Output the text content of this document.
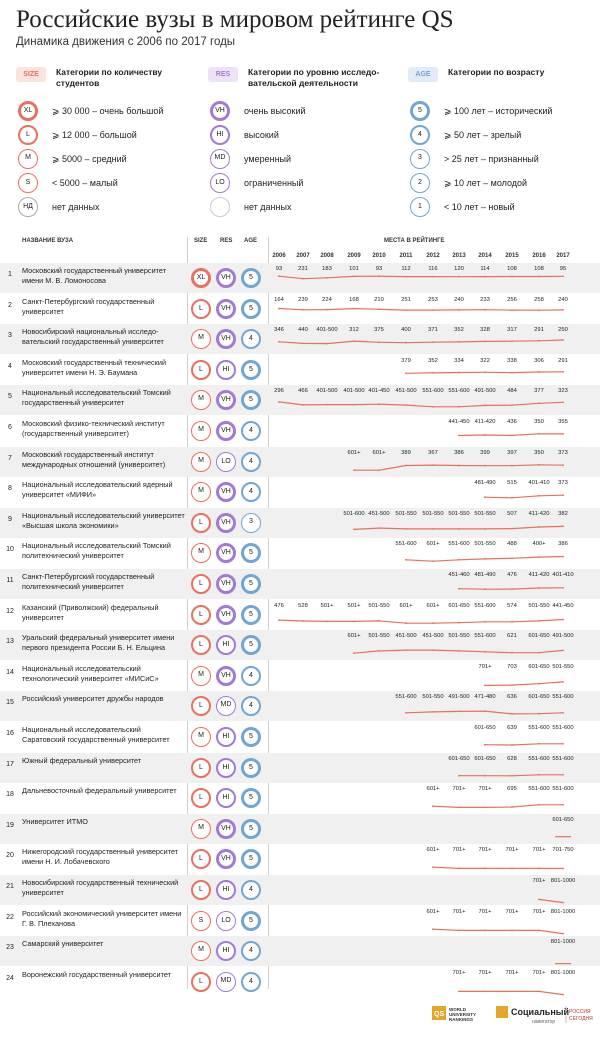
Российские вузы в мировом рейтинге QS
Динамика движения с 2006 по 2017 годы
SIZE	Категории по количеству студентов
XL	⩾ 30 000 – очень большой
L	⩾ 12 000 – большой
M	⩾ 5000 – средний
S	< 5000 – малый
НД	нет данных
RES	Категории по уровню исследо-вательской деятельности
VH	очень высокий
HI	высокий
MD	умеренный
LO	ограниченный
нет данных
AGE	Категории по возрасту
5	⩾ 100 лет – исторический
4	⩾ 50 лет – зрелый
3	> 25 лет – признанный
2	⩾ 10 лет – молодой
1	< 10 лет – новый
НАЗВАНИЕ ВУЗА	SIZE RES AGE	МЕСТА В РЕЙТИНГЕ
2006	2007	2008	2009	2010	2011	2012	2013	2014	2015	2016	2017
1	Московский государственный университет имени М. В. Ломоносова	XL	VH	5
93	231	183	101	93	112	116	120	114	108	108	95
2	Санкт-Петербургский государственный университет	L	VH	5
164	239	224	168	210	251	253	240	233	256	258	240
3	Новосибирский национальный исследо-вательский государственный университет	M	VH	4
346	440	401-500	312	375	400	371	352	328	317	291	250
4	Московский государственный технический университет имени Н. Э. Баумана	L	HI	5
379	352	334	322	338	306	291
5	Национальный исследовательский Томский государственный университет	M	VH	5
296	466	401-500 401-500 401-450 451-500 551-600 551-600 491-500	484	377	323
6	Московский физико-технический институт (государственный университет)	M	VH	4
441-450 411-420	436	350	355
7	Московский государственный институт международных отношений (университет)	M	LO	4
601+	601+	389	367	386	399	397	350	373
8	Национальный исследовательский ядерный университет «МИФИ»	M	VH	4
481-490	515	401-410	373
9	Национальный исследовательский университет «Высшая школа экономики»	L	VH	3
501-600 451-500 501-550 501-550 501-550 501-550	507	411-420	382
10 Национальный исследовательский Томский политехнический университет	M	VH	5
551-600	601+	551-600 501-550	488	400+	386
11	Санкт-Петербургский государственный политехнический университет	L	VH	5
451-460 481-490	476	411-420 401-410
12 Казанский (Приволжский) федеральный университет	L	VH	5
476	528	501+	501+	501-550	601+	601+	601-650 551-600	574	501-550 441-450
13 Уральский федеральный университет имени первого президента России Б. Н. Ельцина	L	HI	5
601+	501-550 451-500 451-500 501-550 551-600	621	601-650 491-500
14 Национальный исследовательский технологический университет «МИСиС»	M	VH	4
701+	703	601-650 501-550
15 Российский университет дружбы народов
L	MD	4
551-600 501-550 491-500 471-480	636	601-650 551-600
16 Национальный исследовательский Саратовский государственный университет	M	HI	5
601-650	639	551-600 551-600
17 Южный федеральный университет
L	HI	5
601-650 601-650	628	551-600 551-600
18 Дальневосточный федеральный университет
L	HI	5
601+	701+	701+	695	551-600 551-600
19 Университет ИТМО
M	VH	5
601-650
20 Нижегородский государственный университет имени Н. И. Лобачевского	L	VH	5
601+	701+	701+	701+	701+	701-750
21 Новосибирский государственный технический университет	L	HI	4
701+ 801-1000
22 Российский экономический университет имени Г. В. Плеханова	S	LO	5
601+	701+	701+	701+	701+ 801-1000
23 Самарский университет
M	HI	4
801-1000
24 Воронежский государственный университет
L	MD	4
701+	701+	701+	701+ 801-1000
QS
WORLD
UNIVERSITY
RANKINGS
Социальный
навигатор
РОССИЯ
СЕГОДНЯ
